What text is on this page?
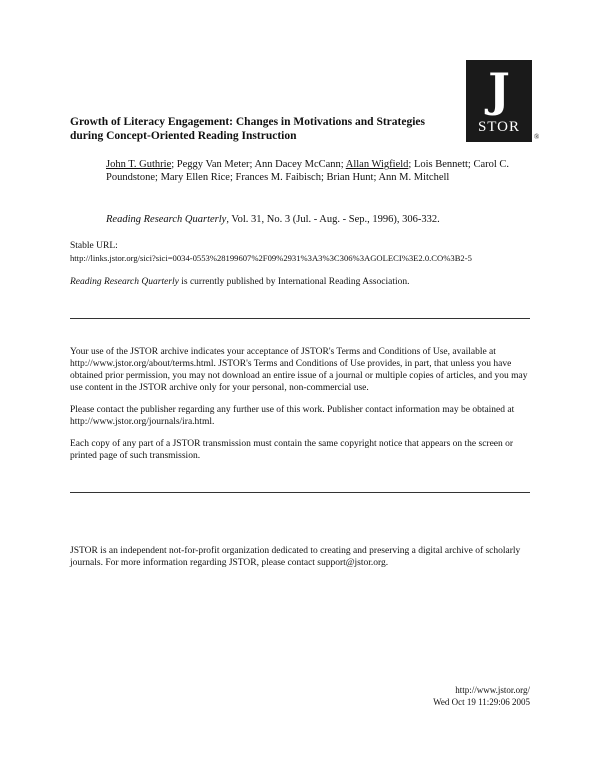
Growth of Literacy Engagement: Changes in Motivations and Strategies during Concept-Oriented Reading Instruction
J
STOR
®
John T. Guthrie; Peggy Van Meter; Ann Dacey McCann; Allan Wigfield; Lois Bennett; Carol C. Poundstone; Mary Ellen Rice; Frances M. Faibisch; Brian Hunt; Ann M. Mitchell
Reading Research Quarterly, Vol. 31, No. 3 (Jul. - Aug. - Sep., 1996), 306-332.
Stable URL:
http://links.jstor.org/sici?sici=0034-0553%28199607%2F09%2931%3A3%3C306%3AGOLECI%3E2.0.CO%3B2-5
Reading Research Quarterly is currently published by International Reading Association.
Your use of the JSTOR archive indicates your acceptance of JSTOR's Terms and Conditions of Use, available at http://www.jstor.org/about/terms.html. JSTOR's Terms and Conditions of Use provides, in part, that unless you have obtained prior permission, you may not download an entire issue of a journal or multiple copies of articles, and you may use content in the JSTOR archive only for your personal, non-commercial use.
Please contact the publisher regarding any further use of this work. Publisher contact information may be obtained at http://www.jstor.org/journals/ira.html.
Each copy of any part of a JSTOR transmission must contain the same copyright notice that appears on the screen or printed page of such transmission.
JSTOR is an independent not-for-profit organization dedicated to creating and preserving a digital archive of scholarly journals. For more information regarding JSTOR, please contact support@jstor.org.
http://www.jstor.org/
Wed Oct 19 11:29:06 2005
